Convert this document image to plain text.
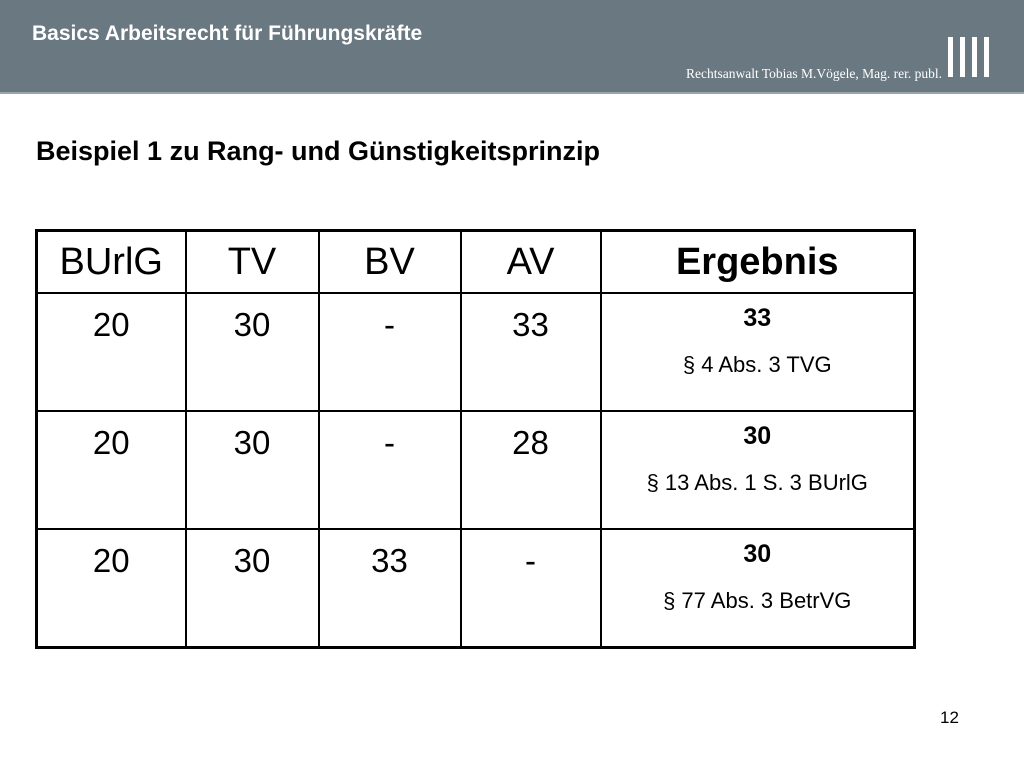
Basics Arbeitsrecht für Führungskräfte
Rechtsanwalt Tobias M.Vögele, Mag. rer. publ.
Beispiel 1 zu Rang- und Günstigkeitsprinzip
BUrlG	TV	BV	AV	Ergebnis
20	30	-	33	33
§ 4 Abs. 3 TVG

20	30	-	28	30
§ 13 Abs. 1 S. 3 BUrlG

20	30	33	-	30
§ 77 Abs. 3 BetrVG
12
